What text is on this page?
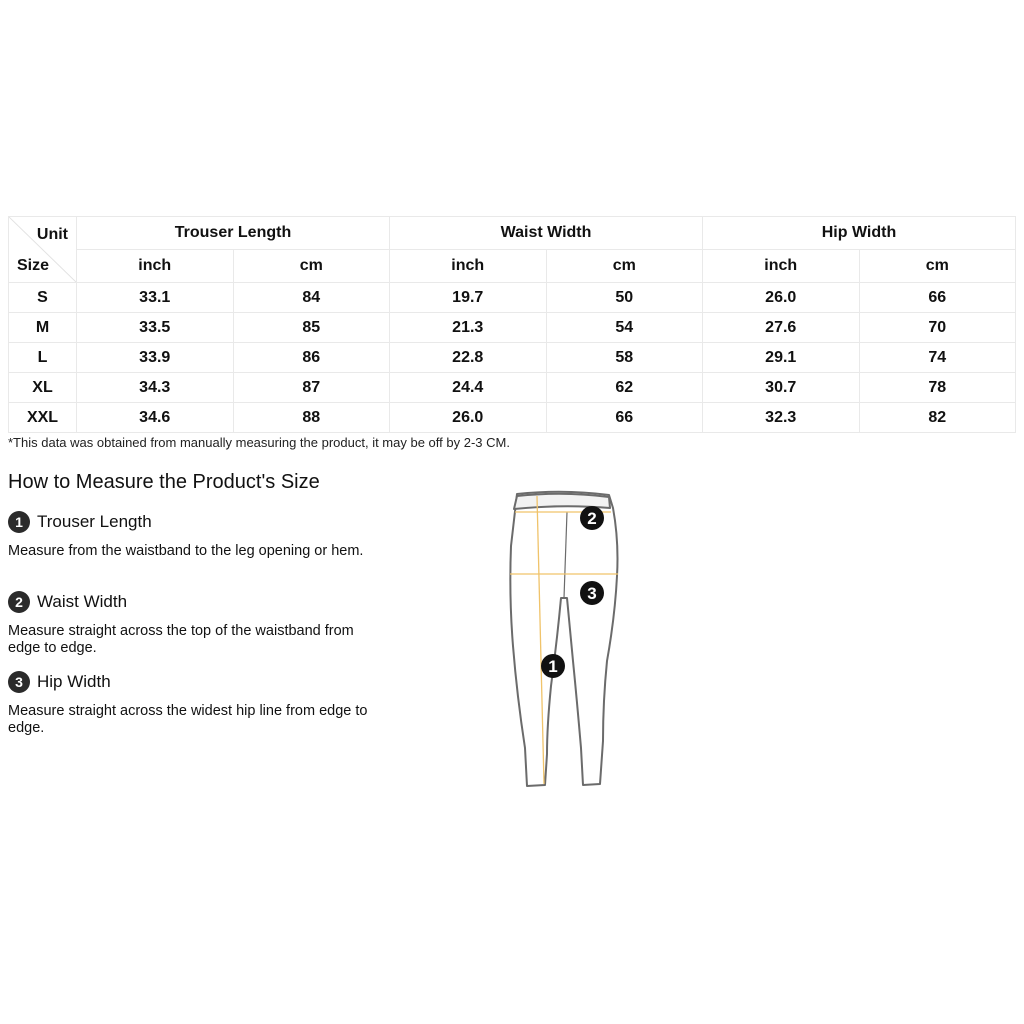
Unit
Size	Trouser Length		Waist Width		Hip Width	
	inch	cm	inch	cm	inch	cm
S	33.1	84	19.7	50	26.0	66
M	33.5	85	21.3	54	27.6	70
L	33.9	86	22.8	58	29.1	74
XL	34.3	87	24.4	62	30.7	78
XXL	34.6	88	26.0	66	32.3	82
*This data was obtained from manually measuring the product, it may be off by 2-3 CM.
How to Measure the Product's Size
1 Trouser Length
Measure from the waistband to the leg opening or hem.
2 Waist Width
Measure straight across the top of the waistband from edge to edge.
3 Hip Width
Measure straight across the widest hip line from edge to edge.
2
3
1
